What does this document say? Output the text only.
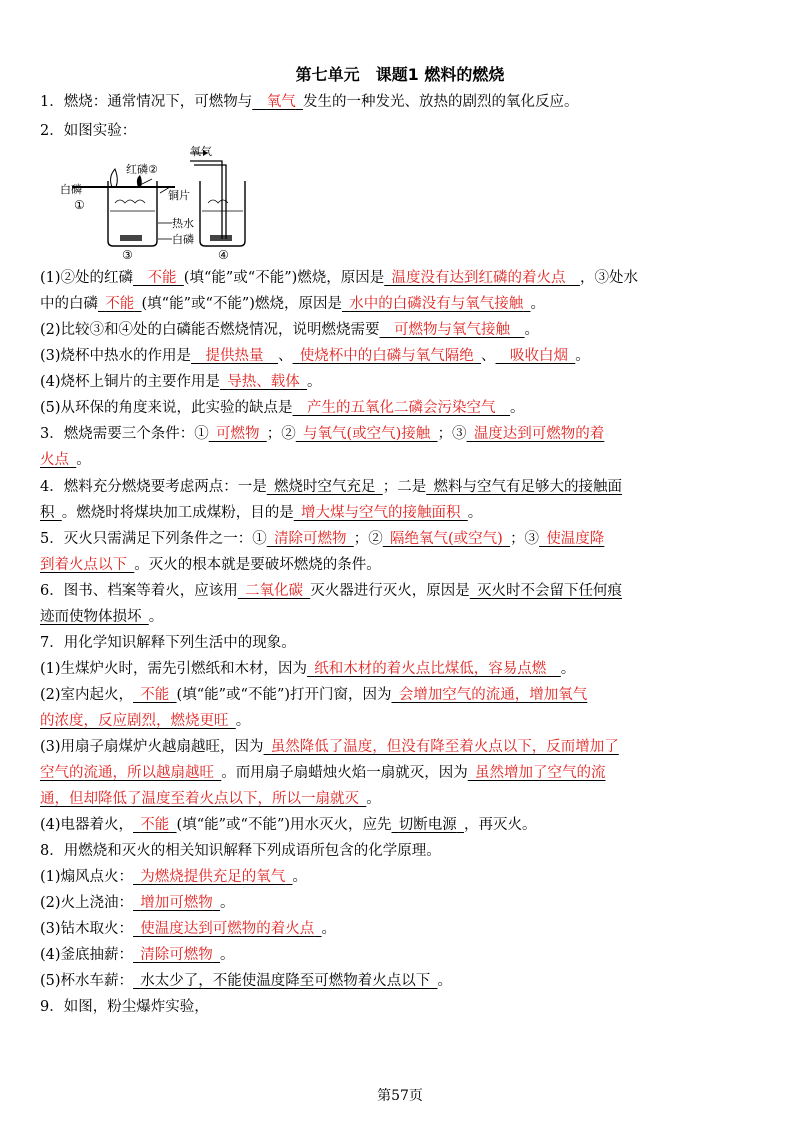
第七单元　课题1 燃料的燃烧
1．燃烧：通常情况下，可燃物与  氧气  发生的一种发光、放热的剧烈的氧化反应。
2．如图实验：
氧气
红磷②
白磷	铜片
热水
白磷
①
③	④
(1)②处的红磷  不能  (填“能”或“不能”)燃烧，原因是  温度没有达到红磷的着火点  ，③处水
中的白磷  不能  (填“能”或“不能”)燃烧，原因是  水中的白磷没有与氧气接触  。
(2)比较③和④处的白磷能否燃烧情况，说明燃烧需要  可燃物与氧气接触  。
(3)烧杯中热水的作用是  提供热量  、  使烧杯中的白磷与氧气隔绝  、  吸收白烟  。
(4)烧杯上铜片的主要作用是  导热、载体  。
(5)从环保的角度来说，此实验的缺点是  产生的五氧化二磷会污染空气  。
3．燃烧需要三个条件：①  可燃物  ；②  与氧气(或空气)接触  ；③  温度达到可燃物的着
火点  。
4．燃料充分燃烧要考虑两点：一是  燃烧时空气充足  ；二是  燃料与空气有足够大的接触面
积  。燃烧时将煤块加工成煤粉，目的是  增大煤与空气的接触面积  。
5．灭火只需满足下列条件之一：①  清除可燃物  ；②  隔绝氧气(或空气)  ；③  使温度降
到着火点以下  。灭火的根本就是要破坏燃烧的条件。
6．图书、档案等着火，应该用  二氧化碳  灭火器进行灭火，原因是  灭火时不会留下任何痕
迹而使物体损坏  。
7．用化学知识解释下列生活中的现象。
(1)生煤炉火时，需先引燃纸和木材，因为  纸和木材的着火点比煤低，容易点燃  。
(2)室内起火，  不能  (填“能”或“不能”)打开门窗，因为  会增加空气的流通，增加氧气
的浓度，反应剧烈，燃烧更旺  。
(3)用扇子扇煤炉火越扇越旺，因为  虽然降低了温度，但没有降至着火点以下，反而增加了
空气的流通，所以越扇越旺  。而用扇子扇蜡烛火焰一扇就灭，因为  虽然增加了空气的流
通，但却降低了温度至着火点以下，所以一扇就灭  。
(4)电器着火，  不能  (填“能”或“不能”)用水灭火，应先  切断电源  ，再灭火。
8．用燃烧和灭火的相关知识解释下列成语所包含的化学原理。
(1)煽风点火：  为燃烧提供充足的氧气  。
(2)火上浇油：  增加可燃物  。
(3)钻木取火：  使温度达到可燃物的着火点  。
(4)釜底抽薪：  清除可燃物  。
(5)杯水车薪：  水太少了，不能使温度降至可燃物着火点以下  。
9．如图，粉尘爆炸实验，
第57页
